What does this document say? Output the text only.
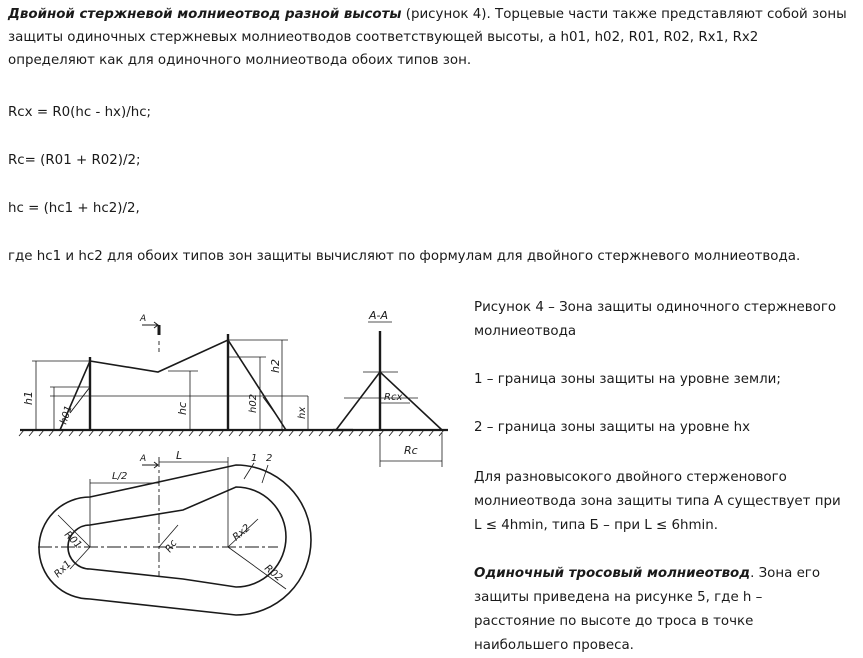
Двойной стержневой молниеотвод разной высоты (рисунок 4). Торцевые части также представляют собой зоны защиты одиночных стержневых молниеотводов соответствующей высоты, а h01, h02, R01, R02, Rx1, Rx2 определяют как для одиночного молниеотвода обоих типов зон.

Rcx = R0(hc - hx)/hc;

Rc= (R01 + R02)/2;

hc = (hc1 + hc2)/2,

где hc1 и hc2 для обоих типов зон защиты вычисляют по формулам для двойного стержневого молниеотвода.

A
h1
h01	hc	h02
h2
hx
A-A
Rcx
Rc
A	L
L/2
R01	Rc
Rx1
Rx2
R02
1 2

Рисунок 4 – Зона защиты одиночного стержневого молниеотвода

1 – граница зоны защиты на уровне земли;

2 – граница зоны защиты на уровне hx

Для разновысокого двойного стерженового молниеотвода зона защиты типа А существует при L ≤ 4hmin, типа Б – при L ≤ 6hmin.

Одиночный тросовый молниеотвод. Зона его защиты приведена на рисунке 5, где h – расстояние по высоте до троса в точке наибольшего провеса.
